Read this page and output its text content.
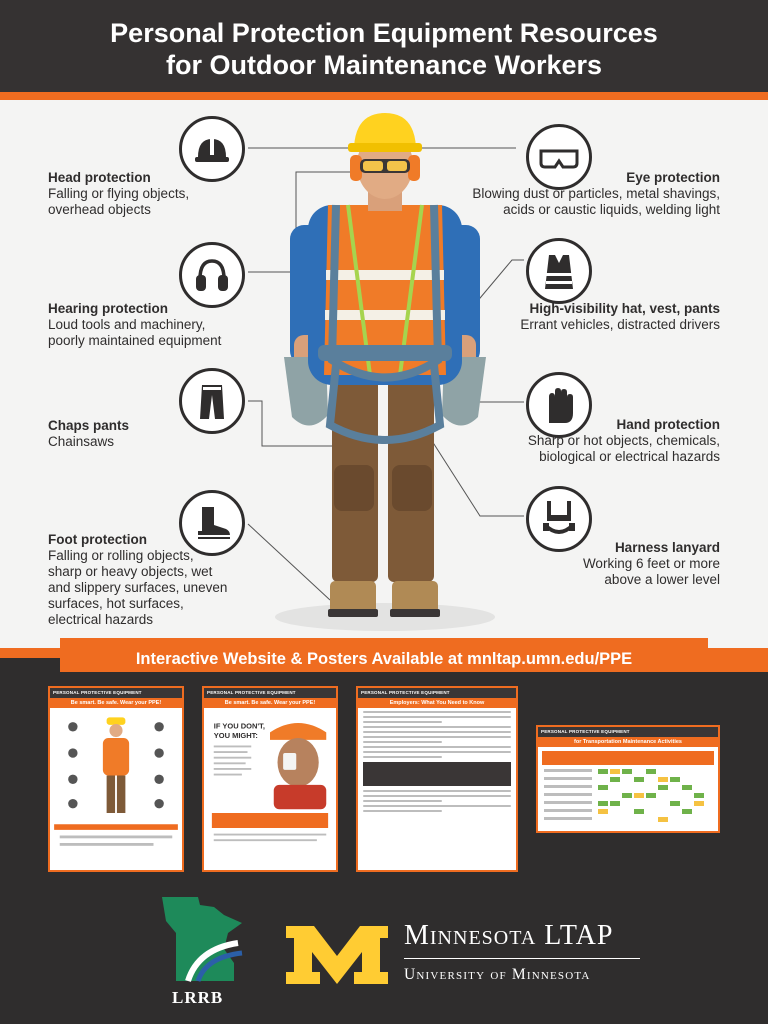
Personal Protection Equipment Resources
for Outdoor Maintenance Workers
Head protection
Falling or flying objects,
overhead objects
Hearing protection
Loud tools and machinery,
poorly maintained equipment
Chaps pants
Chainsaws
Foot protection
Falling or rolling objects,
sharp or heavy objects, wet
and slippery surfaces, uneven
surfaces, hot surfaces,
electrical hazards
Eye protection
Blowing dust or particles, metal shavings,
acids or caustic liquids, welding light
High-visibility hat, vest, pants
Errant vehicles, distracted drivers
Hand protection
Sharp or hot objects, chemicals,
biological or electrical hazards
Harness lanyard
Working 6 feet or more
above a lower level
Interactive Website & Posters Available at mnltap.umn.edu/PPE
PERSONAL PROTECTIVE EQUIPMENT
Be smart. Be safe. Wear your PPE!
PERSONAL PROTECTIVE EQUIPMENT
Be smart. Be safe. Wear your PPE!
IF YOU DON'T,
YOU MIGHT:
PERSONAL PROTECTIVE EQUIPMENT
Employers: What You Need to Know
PERSONAL PROTECTIVE EQUIPMENT
for Transportation Maintenance Activities
LRRB
Minnesota LTAP
University of Minnesota
